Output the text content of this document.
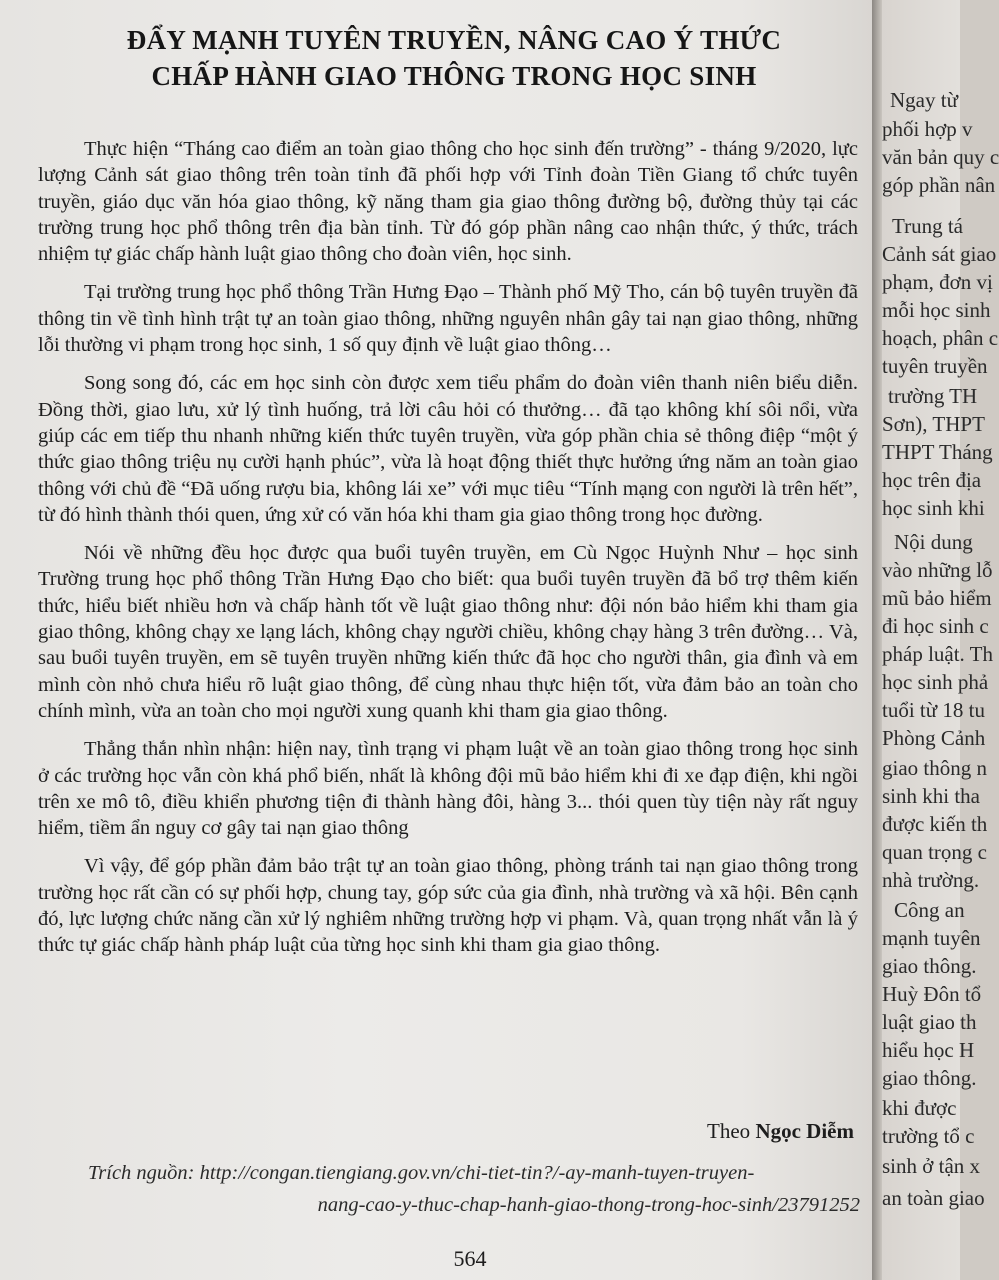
ĐẨY MẠNH TUYÊN TRUYỀN, NÂNG CAO Ý THỨC
CHẤP HÀNH GIAO THÔNG TRONG HỌC SINH

Thực hiện “Tháng cao điểm an toàn giao thông cho học sinh đến trường” - tháng 9/2020, lực lượng Cảnh sát giao thông trên toàn tỉnh đã phối hợp với Tỉnh đoàn Tiền Giang tổ chức tuyên truyền, giáo dục văn hóa giao thông, kỹ năng tham gia giao thông đường bộ, đường thủy tại các trường trung học phổ thông trên địa bàn tỉnh. Từ đó góp phần nâng cao nhận thức, ý thức, trách nhiệm tự giác chấp hành luật giao thông cho đoàn viên, học sinh.

Tại trường trung học phổ thông Trần Hưng Đạo – Thành phố Mỹ Tho, cán bộ tuyên truyền đã thông tin về tình hình trật tự an toàn giao thông, những nguyên nhân gây tai nạn giao thông, những lỗi thường vi phạm trong học sinh, 1 số quy định về luật giao thông…

Song song đó, các em học sinh còn được xem tiểu phẩm do đoàn viên thanh niên biểu diễn. Đồng thời, giao lưu, xử lý tình huống, trả lời câu hỏi có thưởng… đã tạo không khí sôi nổi, vừa giúp các em tiếp thu nhanh những kiến thức tuyên truyền, vừa góp phần chia sẻ thông điệp “một ý thức giao thông triệu nụ cười hạnh phúc”, vừa là hoạt động thiết thực hưởng ứng năm an toàn giao thông với chủ đề “Đã uống rượu bia, không lái xe” với mục tiêu “Tính mạng con người là trên hết”, từ đó hình thành thói quen, ứng xử có văn hóa khi tham gia giao thông trong học đường.

Nói về những đều học được qua buổi tuyên truyền, em Cù Ngọc Huỳnh Như – học sinh Trường trung học phổ thông Trần Hưng Đạo cho biết: qua buổi tuyên truyền đã bổ trợ thêm kiến thức, hiểu biết nhiều hơn và chấp hành tốt về luật giao thông như: đội nón bảo hiểm khi tham gia giao thông, không chạy xe lạng lách, không chạy người chiều, không chạy hàng 3 trên đường… Và, sau buổi tuyên truyền, em sẽ tuyên truyền những kiến thức đã học cho người thân, gia đình và em mình còn nhỏ chưa hiểu rõ luật giao thông, để cùng nhau thực hiện tốt, vừa đảm bảo an toàn cho chính mình, vừa an toàn cho mọi người xung quanh khi tham gia giao thông.

Thẳng thắn nhìn nhận: hiện nay, tình trạng vi phạm luật về an toàn giao thông trong học sinh ở các trường học vẫn còn khá phổ biến, nhất là không đội mũ bảo hiểm khi đi xe đạp điện, khi ngồi trên xe mô tô, điều khiển phương tiện đi thành hàng đôi, hàng 3... thói quen tùy tiện này rất nguy hiểm, tiềm ẩn nguy cơ gây tai nạn giao thông

Vì vậy, để góp phần đảm bảo trật tự an toàn giao thông, phòng tránh tai nạn giao thông trong trường học rất cần có sự phối hợp, chung tay, góp sức của gia đình, nhà trường và xã hội. Bên cạnh đó, lực lượng chức năng cần xử lý nghiêm những trường hợp vi phạm. Và, quan trọng nhất vẫn là ý thức tự giác chấp hành pháp luật của từng học sinh khi tham gia giao thông.

Theo Ngọc Diễm
Trích nguồn: http://congan.tiengiang.gov.vn/chi-tiet-tin?/-ay-manh-tuyen-truyen-
nang-cao-y-thuc-chap-hanh-giao-thong-trong-hoc-sinh/23791252
564
Ngay từ
phối hợp v
văn bản quy c
góp phần nân
Trung tá
Cảnh sát giao
phạm, đơn vị
mỗi học sinh
hoạch, phân c
tuyên truyền
trường TH
Sơn), THPT
THPT Tháng
học trên địa
học sinh khi
Nội dung
vào những lỗ
mũ bảo hiểm
đi học sinh c
pháp luật. Th
học sinh phả
tuổi từ 18 tu
Phòng Cảnh
giao thông n
sinh khi tha
được kiến th
quan trọng c
nhà trường.
Công an
mạnh tuyên
giao thông.
Huỳ Đôn tổ
luật giao th
hiểu học H
giao thông.
khi được
trường tổ c
sinh ở tận x
an toàn giao
